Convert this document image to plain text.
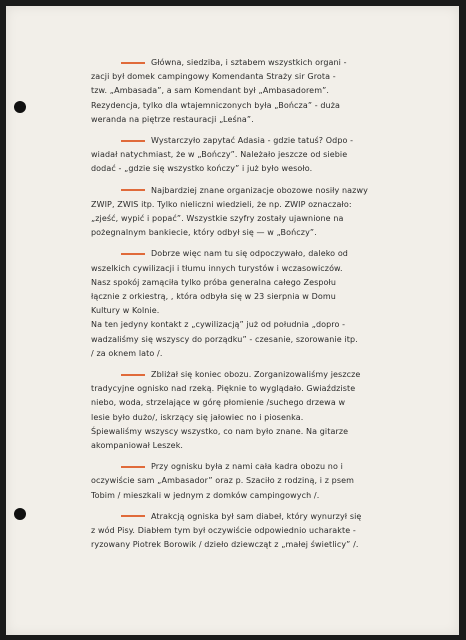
Główna, siedziba, i sztabem wszystkich organi -
zacji był domek campingowy Komendanta Straży sir Grota -
tzw. „Ambasada”, a sam Komendant był „Ambasadorem”.
Rezydencja, tylko dla wtajemniczonych była „Bończa” - duża
weranda na piętrze restauracji „Leśna”.
Wystarczyło zapytać Adasia - gdzie tatuś? Odpo -
wiadał natychmiast, że w „Bończy”. Należało jeszcze od siebie
dodać - „gdzie się wszystko kończy” i już było wesoło.
Najbardziej znane organizacje obozowe nosiły nazwy
ZWIP, ZWIS itp. Tylko nieliczni wiedzieli, że np. ZWIP oznaczało:
„zjeść, wypić i popać”. Wszystkie szyfry zostały ujawnione na
pożegnalnym bankiecie, który odbył się — w „Bończy”.
Dobrze więc nam tu się odpoczywało, daleko od
wszelkich cywilizacji i tłumu innych turystów i wczasowiczów.
Nasz spokój zamąciła tylko próba generalna całego Zespołu
łącznie z orkiestrą, , która odbyła się w 23 sierpnia w Domu
Kultury w Kolnie.
Na ten jedyny kontakt z „cywilizacją” już od południa „dopro -
wadzaliśmy się wszyscy do porządku” - czesanie, szorowanie itp.
/ za oknem lato /.
Zbliżał się koniec obozu. Zorganizowaliśmy jeszcze
tradycyjne ognisko nad rzeką. Pięknie to wyglądało. Gwiaździste
niebo, woda, strzelające w górę płomienie /suchego drzewa w
lesie było dużo/, iskrzący się jałowiec no i piosenka.
Śpiewaliśmy wszyscy wszystko, co nam było znane. Na gitarze
akompaniował Leszek.
Przy ognisku była z nami cała kadra obozu no i
oczywiście sam „Ambasador” oraz p. Szaciło z rodziną, i z psem
Tobim / mieszkali w jednym z domków campingowych /.
Atrakcją ogniska był sam diabeł, który wynurzył się
z wód Pisy. Diabłem tym był oczywiście odpowiednio ucharakte -
ryzowany Piotrek Borowik / dzieło dziewcząt z „małej świetlicy” /.
